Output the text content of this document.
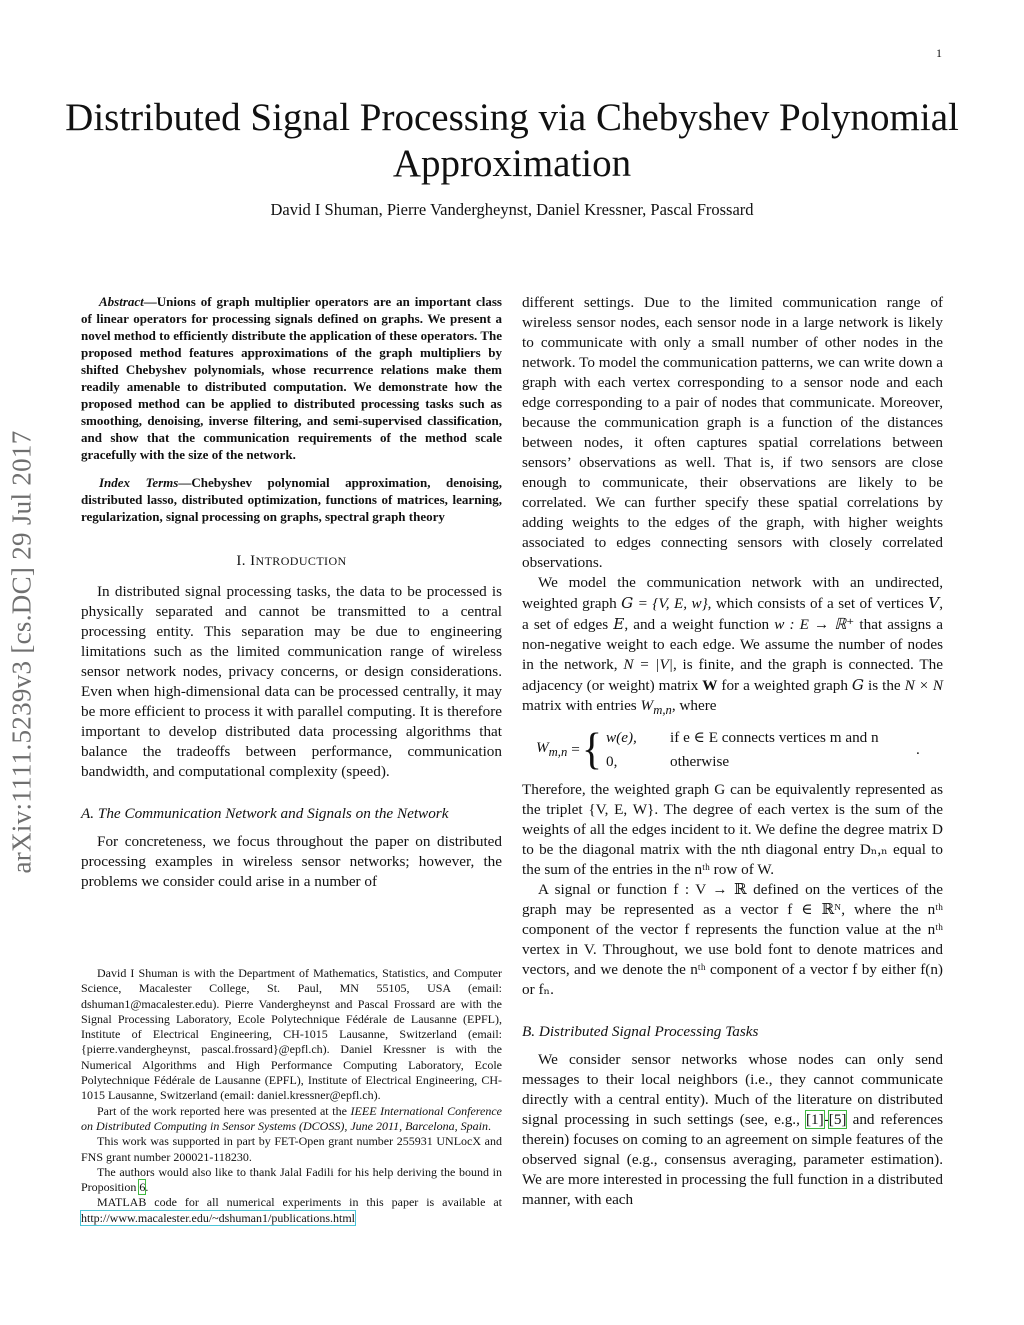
1
arXiv:1111.5239v3 [cs.DC] 29 Jul 2017
Distributed Signal Processing via Chebyshev Polynomial Approximation
David I Shuman, Pierre Vandergheynst, Daniel Kressner, Pascal Frossard

Abstract—Unions of graph multiplier operators are an important class of linear operators for processing signals defined on graphs. We present a novel method to efficiently distribute the application of these operators. The proposed method features approximations of the graph multipliers by shifted Chebyshev polynomials, whose recurrence relations make them readily amenable to distributed computation. We demonstrate how the proposed method can be applied to distributed processing tasks such as smoothing, denoising, inverse filtering, and semi-supervised classification, and show that the communication requirements of the method scale gracefully with the size of the network.

Index Terms—Chebyshev polynomial approximation, denoising, distributed lasso, distributed optimization, functions of matrices, learning, regularization, signal processing on graphs, spectral graph theory

I. INTRODUCTION

In distributed signal processing tasks, the data to be processed is physically separated and cannot be transmitted to a central processing entity. This separation may be due to engineering limitations such as the limited communication range of wireless sensor network nodes, privacy concerns, or design considerations. Even when high-dimensional data can be processed centrally, it may be more efficient to process it with parallel computing. It is therefore important to develop distributed data processing algorithms that balance the tradeoffs between performance, communication bandwidth, and computational complexity (speed).

A. The Communication Network and Signals on the Network

For concreteness, we focus throughout the paper on distributed processing examples in wireless sensor networks; however, the problems we consider could arise in a number of

David I Shuman is with the Department of Mathematics, Statistics, and Computer Science, Macalester College, St. Paul, MN 55105, USA (email: dshuman1@macalester.edu). Pierre Vandergheynst and Pascal Frossard are with the Signal Processing Laboratory, Ecole Polytechnique Fédérale de Lausanne (EPFL), Institute of Electrical Engineering, CH-1015 Lausanne, Switzerland (email: {pierre.vandergheynst, pascal.frossard}@epfl.ch). Daniel Kressner is with the Numerical Algorithms and High Performance Computing Laboratory, Ecole Polytechnique Fédérale de Lausanne (EPFL), Institute of Electrical Engineering, CH-1015 Lausanne, Switzerland (email: daniel.kressner@epfl.ch).

Part of the work reported here was presented at the IEEE International Conference on Distributed Computing in Sensor Systems (DCOSS), June 2011, Barcelona, Spain.

This work was supported in part by FET-Open grant number 255931 UNLocX and FNS grant number 200021-118230.

The authors would also like to thank Jalal Fadili for his help deriving the bound in Proposition 6.

MATLAB code for all numerical experiments in this paper is available at http://www.macalester.edu/~dshuman1/publications.html

different settings. Due to the limited communication range of wireless sensor nodes, each sensor node in a large network is likely to communicate with only a small number of other nodes in the network. To model the communication patterns, we can write down a graph with each vertex corresponding to a sensor node and each edge corresponding to a pair of nodes that communicate. Moreover, because the communication graph is a function of the distances between nodes, it often captures spatial correlations between sensors’ observations as well. That is, if two sensors are close enough to communicate, their observations are likely to be correlated. We can further specify these spatial correlations by adding weights to the edges of the graph, with higher weights associated to edges connecting sensors with closely correlated observations.

We model the communication network with an undirected, weighted graph G = {V, E, w}, which consists of a set of vertices V, a set of edges E, and a weight function w : E → ℝ⁺ that assigns a non-negative weight to each edge. We assume the number of nodes in the network, N = |V|, is finite, and the graph is connected. The adjacency (or weight) matrix W for a weighted graph G is the N × N matrix with entries $W_{m,n}$, where

$W_{m,n}$ = { w(e),	if e ∈ E connects vertices m and n
0,	otherwise
.

Therefore, the weighted graph G can be equivalently represented as the triplet {V, E, W}. The degree of each vertex is the sum of the weights of all the edges incident to it. We define the degree matrix D to be the diagonal matrix with the nth diagonal entry Dₙ,ₙ equal to the sum of the entries in the nᵗʰ row of W.

A signal or function f : V → ℝ defined on the vertices of the graph may be represented as a vector f ∈ ℝᴺ, where the nᵗʰ component of the vector f represents the function value at the nᵗʰ vertex in V. Throughout, we use bold font to denote matrices and vectors, and we denote the nᵗʰ component of a vector f by either f(n) or fₙ.

B. Distributed Signal Processing Tasks

We consider sensor networks whose nodes can only send messages to their local neighbors (i.e., they cannot communicate directly with a central entity). Much of the literature on distributed signal processing in such settings (see, e.g., [1]-[5] and references therein) focuses on coming to an agreement on simple features of the observed signal (e.g., consensus averaging, parameter estimation). We are more interested in processing the full function in a distributed manner, with each
